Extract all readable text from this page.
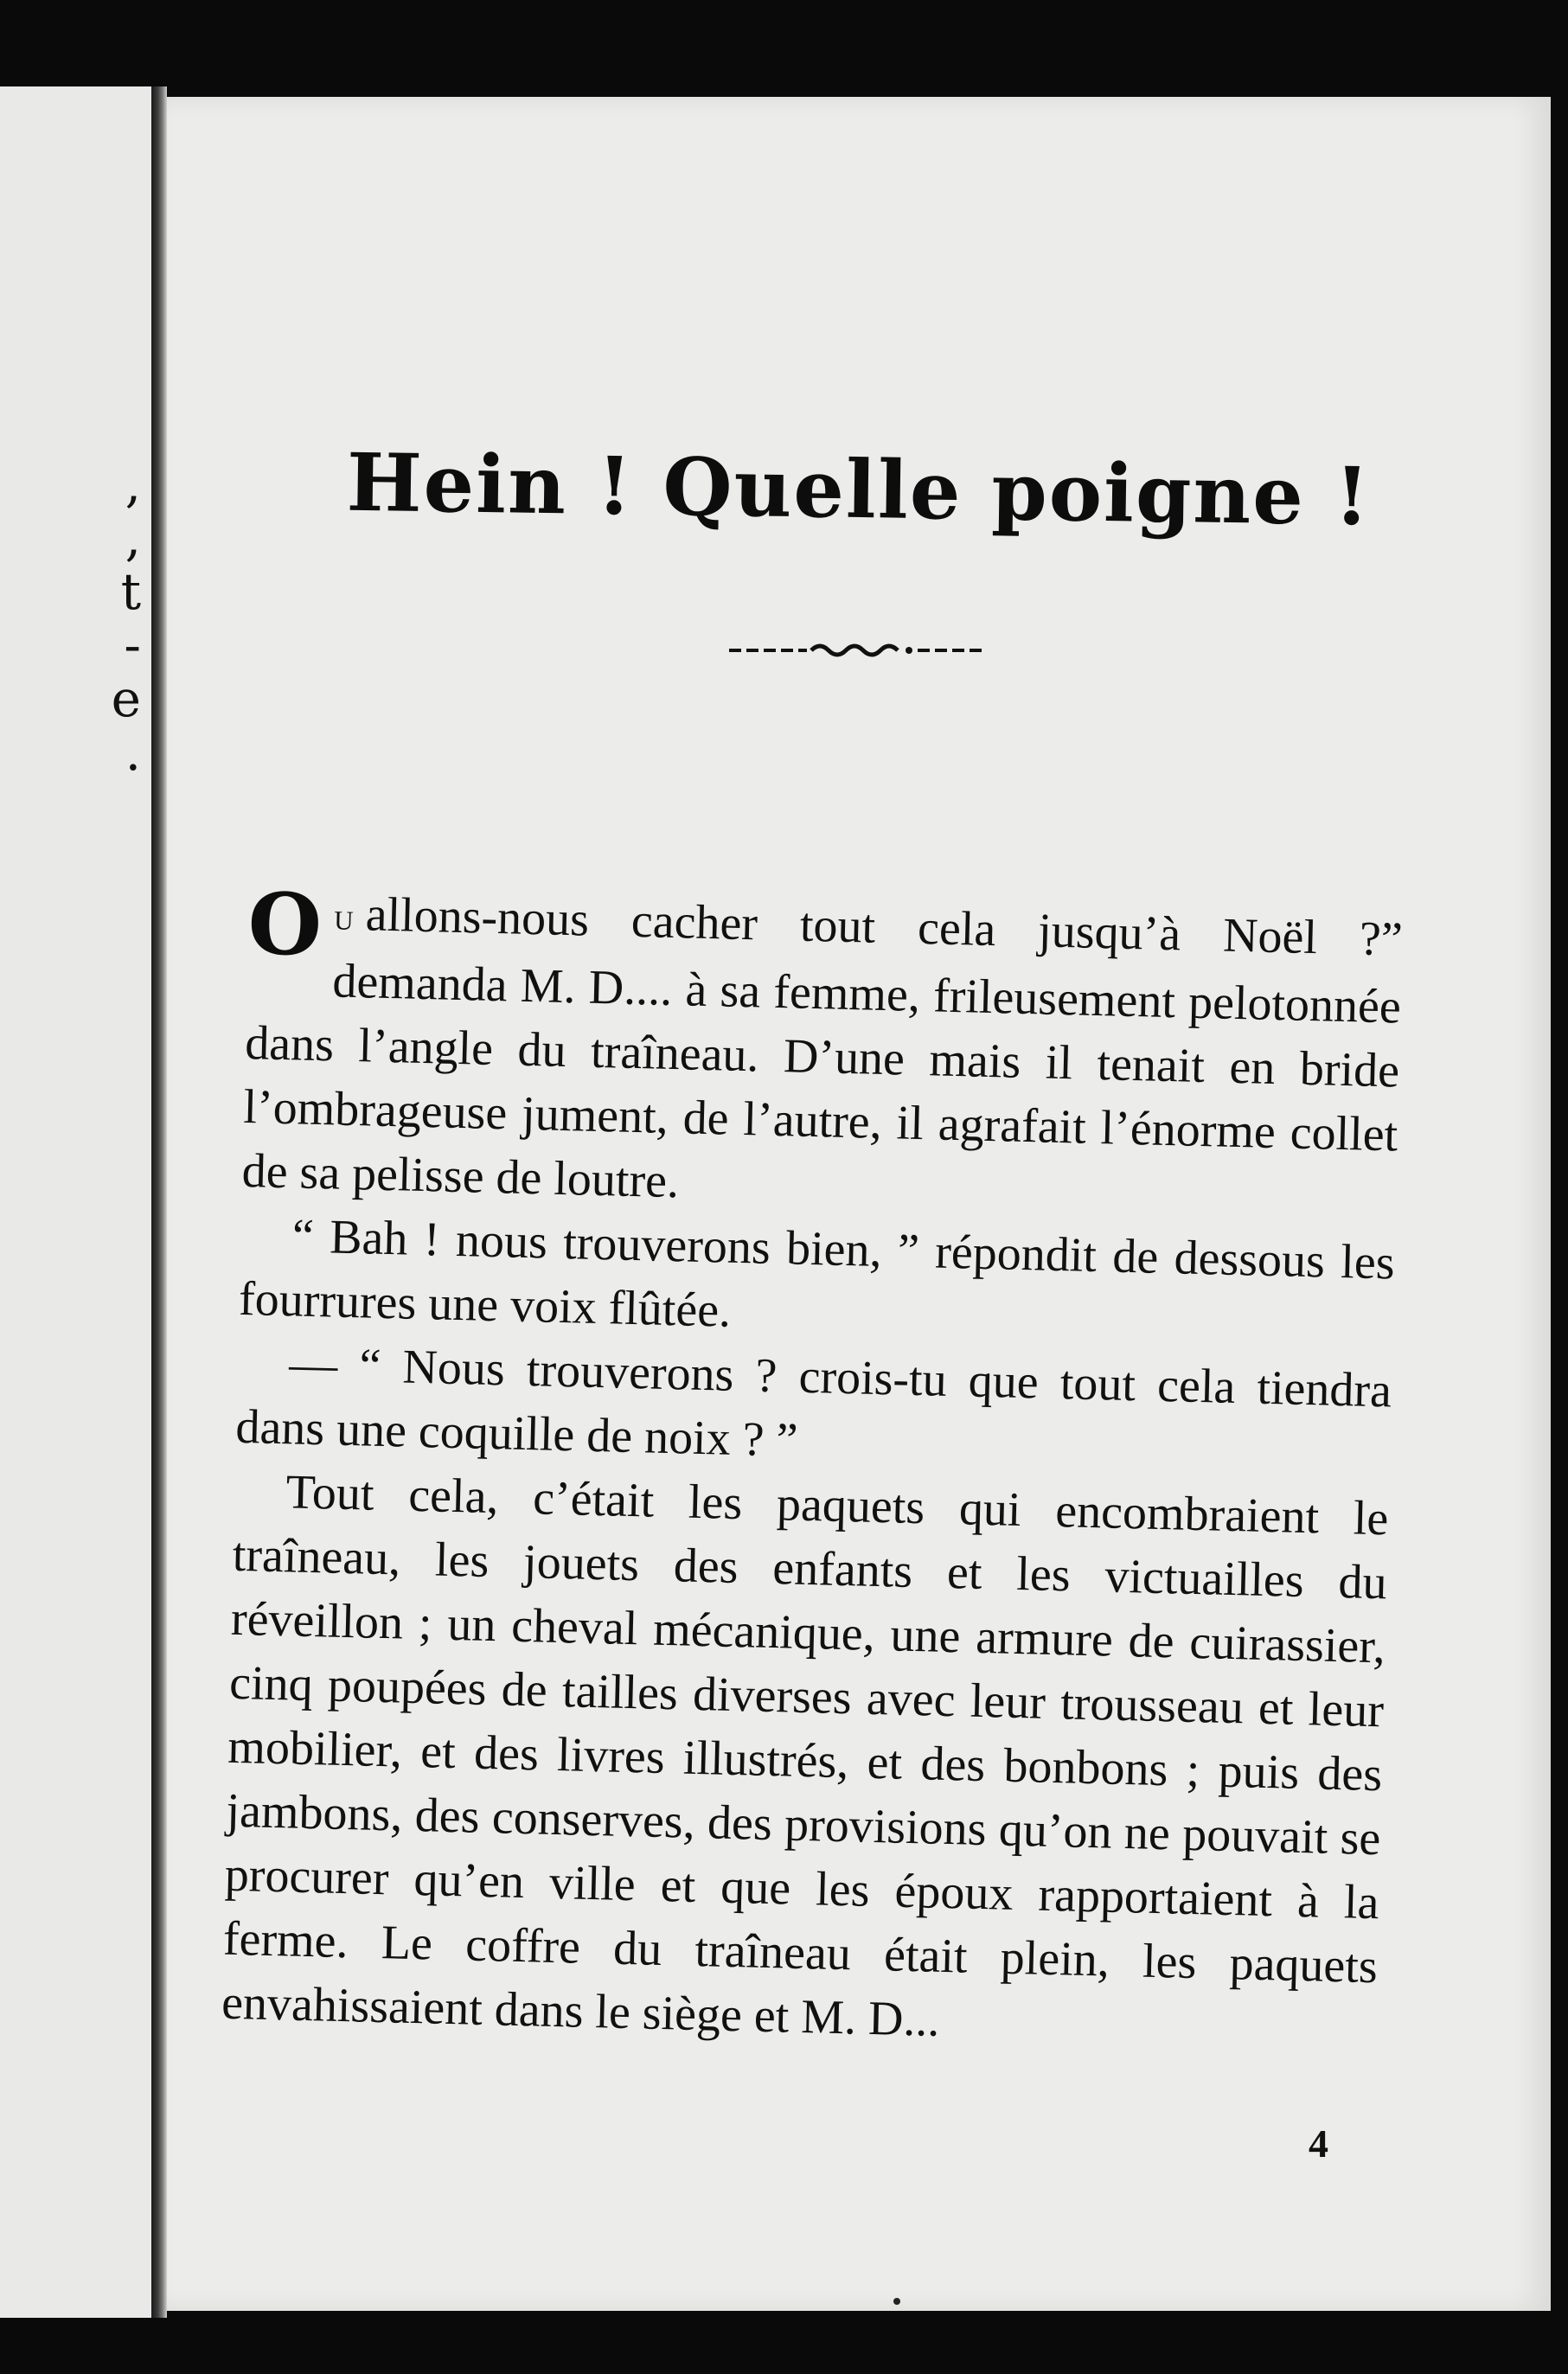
,
,
t
-
e
.
Hein ! Quelle poigne !

Ou allons-nous cacher tout cela jusqu’à Noël ?” demanda M. D.... à sa femme, frileusement pelotonnée dans l’angle du traîneau. D’une mais il tenait en bride l’ombrageuse jument, de l’autre, il agrafait l’énorme collet de sa pelisse de loutre.

“ Bah ! nous trouverons bien, ” répondit de dessous les fourrures une voix flûtée.

— “ Nous trouverons ? crois-tu que tout cela tiendra dans une coquille de noix ? ”

Tout cela, c’était les paquets qui encombraient le traîneau, les jouets des enfants et les victuailles du réveillon ; un cheval mécanique, une armure de cuirassier, cinq poupées de tailles diverses avec leur trousseau et leur mobilier, et des livres illustrés, et des bonbons ; puis des jambons, des conserves, des provisions qu’on ne pouvait se procurer qu’en ville et que les époux rapportaient à la ferme. Le coffre du traîneau était plein, les paquets envahissaient dans le siège et M. D...

4
